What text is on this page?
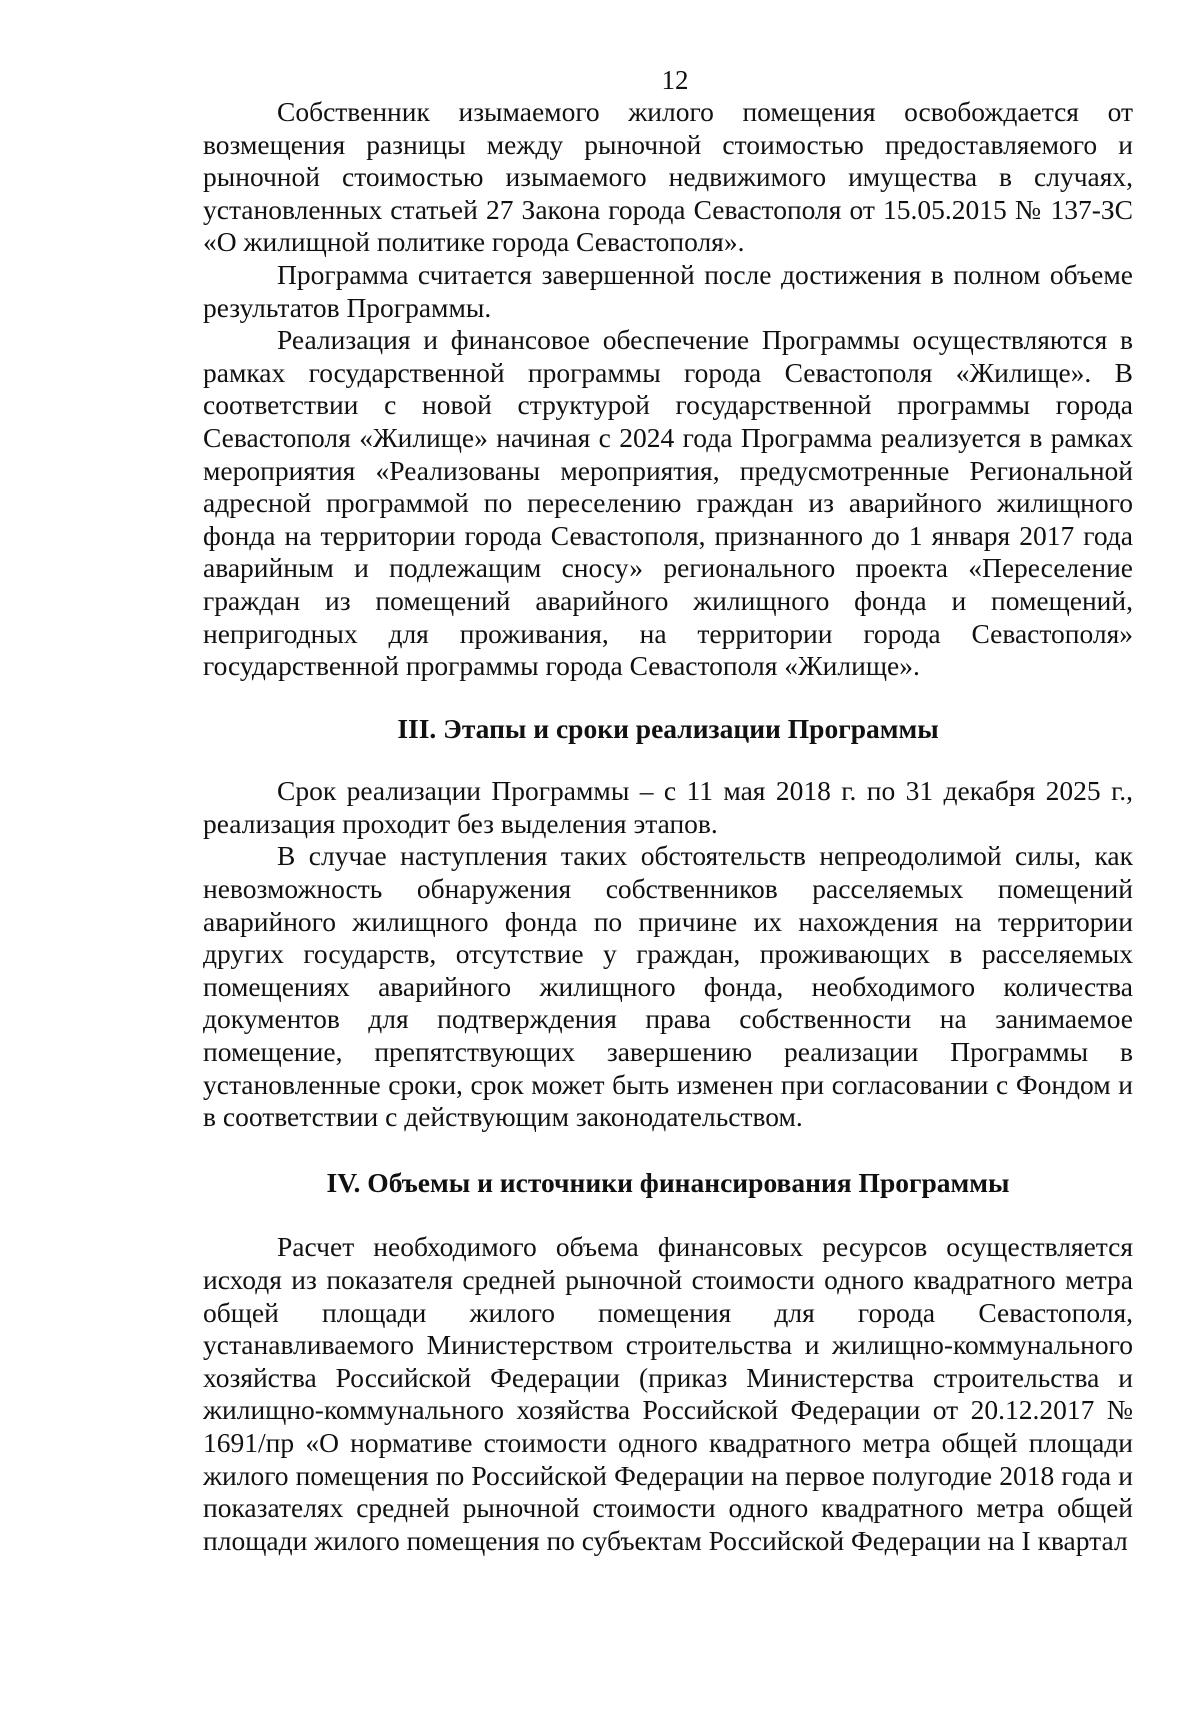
12

Собственник изымаемого жилого помещения освобождается от возмещения разницы между рыночной стоимостью предоставляемого и рыночной стоимостью изымаемого недвижимого имущества в случаях, установленных статьей 27 Закона города Севастополя от 15.05.2015 № 137-ЗС «О жилищной политике города Севастополя».

Программа считается завершенной после достижения в полном объеме результатов Программы.

Реализация и финансовое обеспечение Программы осуществляются в рамках государственной программы города Севастополя «Жилище». В соответствии с новой структурой государственной программы города Севастополя «Жилище» начиная с 2024 года Программа реализуется в рамках мероприятия «Реализованы мероприятия, предусмотренные Региональной адресной программой по переселению граждан из аварийного жилищного фонда на территории города Севастополя, признанного до 1 января 2017 года аварийным и подлежащим сносу» регионального проекта «Переселение граждан из помещений аварийного жилищного фонда и помещений, непригодных для проживания, на территории города Севастополя» государственной программы города Севастополя «Жилище».

III. Этапы и сроки реализации Программы

Срок реализации Программы – с 11 мая 2018 г. по 31 декабря 2025 г., реализация проходит без выделения этапов.

В случае наступления таких обстоятельств непреодолимой силы, как невозможность обнаружения собственников расселяемых помещений аварийного жилищного фонда по причине их нахождения на территории других государств, отсутствие у граждан, проживающих в расселяемых помещениях аварийного жилищного фонда, необходимого количества документов для подтверждения права собственности на занимаемое помещение, препятствующих завершению реализации Программы в установленные сроки, срок может быть изменен при согласовании с Фондом и в соответствии с действующим законодательством.

IV. Объемы и источники финансирования Программы

Расчет необходимого объема финансовых ресурсов осуществляется исходя из показателя средней рыночной стоимости одного квадратного метра общей площади жилого помещения для города Севастополя, устанавливаемого Министерством строительства и жилищно-коммунального хозяйства Российской Федерации (приказ Министерства строительства и жилищно-коммунального хозяйства Российской Федерации от 20.12.2017 № 1691/пр «О нормативе стоимости одного квадратного метра общей площади жилого помещения по Российской Федерации на первое полугодие 2018 года и показателях средней рыночной стоимости одного квадратного метра общей площади жилого помещения по субъектам Российской Федерации на I квартал
